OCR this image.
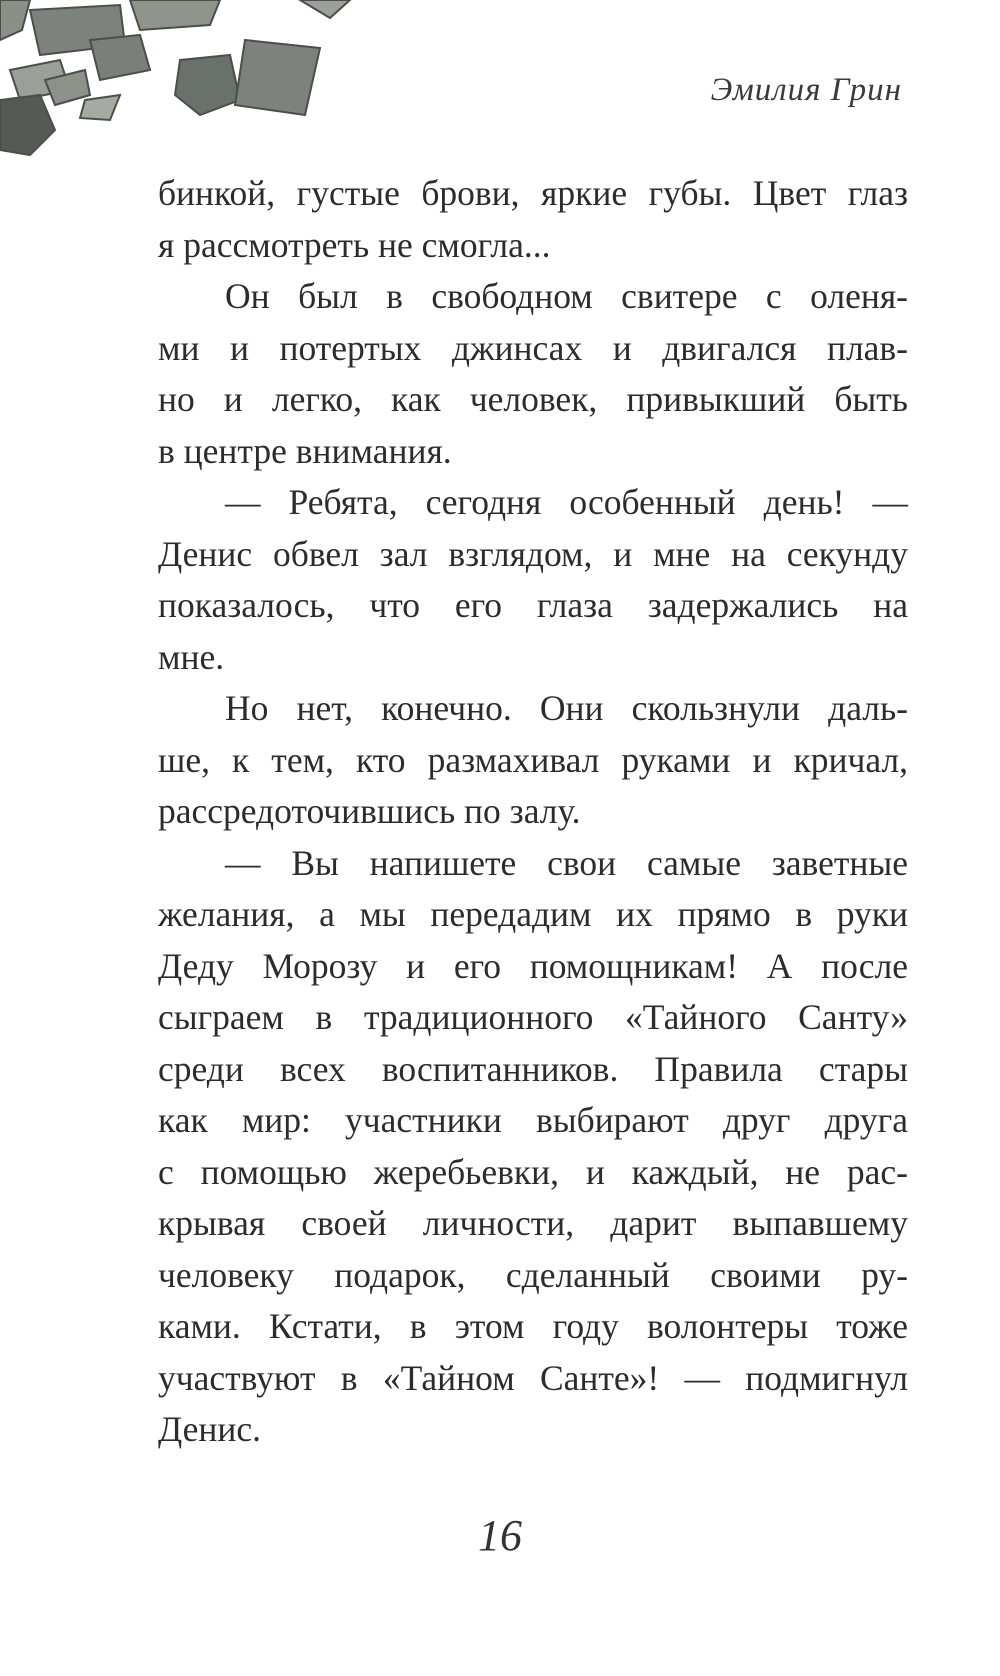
Эмилия Грин
бинкой, густые брови, яркие губы. Цвет глаз
я рассмотреть не смогла...
Он был в свободном свитере с оленя-
ми и потертых джинсах и двигался плав-
но и легко, как человек, привыкший быть
в центре внимания.
— Ребята, сегодня особенный день! —
Денис обвел зал взглядом, и мне на секунду
показалось, что его глаза задержались на
мне.
Но нет, конечно. Они скользнули даль-
ше, к тем, кто размахивал руками и кричал,
рассредоточившись по залу.
— Вы напишете свои самые заветные
желания, а мы передадим их прямо в руки
Деду Морозу и его помощникам! А после
сыграем в традиционного «Тайного Санту»
среди всех воспитанников. Правила стары
как мир: участники выбирают друг друга
с помощью жеребьевки, и каждый, не рас-
крывая своей личности, дарит выпавшему
человеку подарок, сделанный своими ру-
ками. Кстати, в этом году волонтеры тоже
участвуют в «Тайном Санте»! — подмигнул
Денис.
16
